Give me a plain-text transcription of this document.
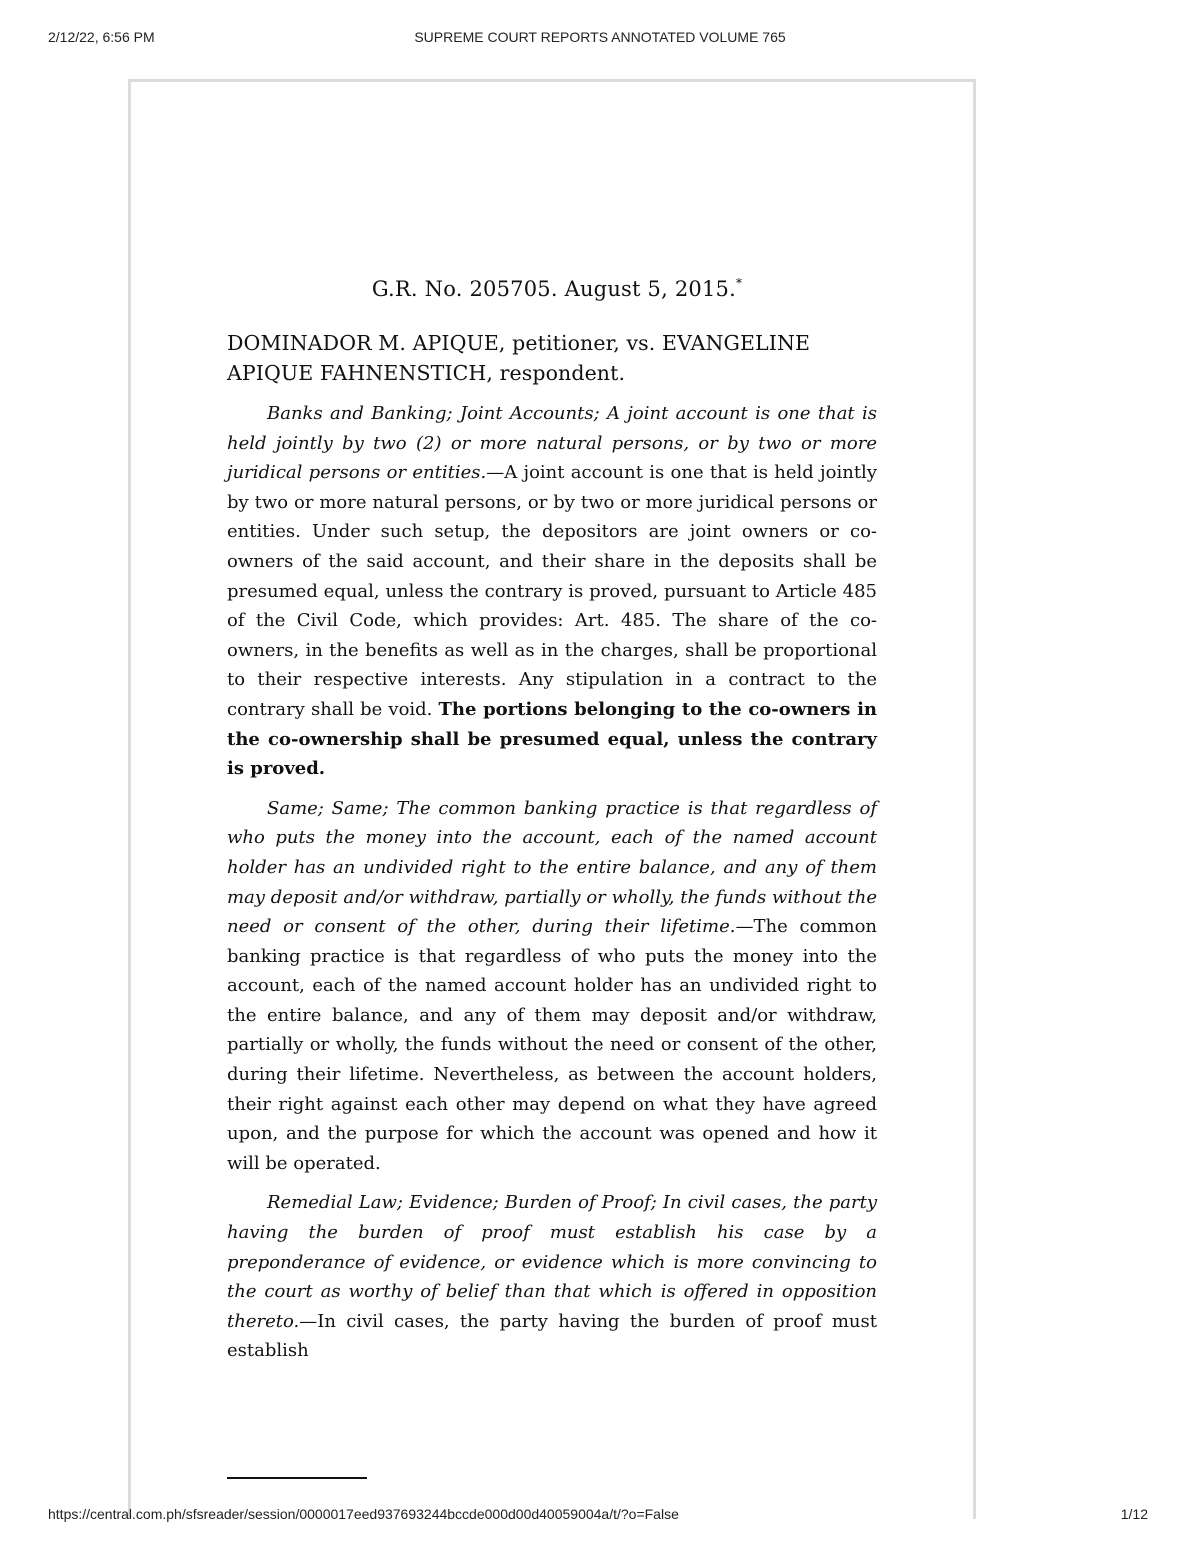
2/12/22, 6:56 PM	SUPREME COURT REPORTS ANNOTATED VOLUME 765
G.R. No. 205705. August 5, 2015.*

DOMINADOR M. APIQUE, petitioner, vs. EVANGELINE APIQUE FAHNENSTICH, respondent.

Banks and Banking; Joint Accounts; A joint account is one that is held jointly by two (2) or more natural persons, or by two or more juridical persons or entities.—A joint account is one that is held jointly by two or more natural persons, or by two or more juridical persons or entities. Under such setup, the depositors are joint owners or co-owners of the said account, and their share in the deposits shall be presumed equal, unless the contrary is proved, pursuant to Article 485 of the Civil Code, which provides: Art. 485. The share of the co-owners, in the benefits as well as in the charges, shall be proportional to their respective interests. Any stipulation in a contract to the contrary shall be void. The portions belonging to the co-owners in the co-ownership shall be presumed equal, unless the contrary is proved.

Same; Same; The common banking practice is that regardless of who puts the money into the account, each of the named account holder has an undivided right to the entire balance, and any of them may deposit and/or withdraw, partially or wholly, the funds without the need or consent of the other, during their lifetime.—The common banking practice is that regardless of who puts the money into the account, each of the named account holder has an undivided right to the entire balance, and any of them may deposit and/or withdraw, partially or wholly, the funds without the need or consent of the other, during their lifetime. Nevertheless, as between the account holders, their right against each other may depend on what they have agreed upon, and the purpose for which the account was opened and how it will be operated.

Remedial Law; Evidence; Burden of Proof; In civil cases, the party having the burden of proof must establish his case by a preponderance of evidence, or evidence which is more convincing to the court as worthy of belief than that which is offered in opposition thereto.—In civil cases, the party having the burden of proof must establish

https://central.com.ph/sfsreader/session/0000017eed937693244bccde000d00d40059004a/t/?o=False	1/12
